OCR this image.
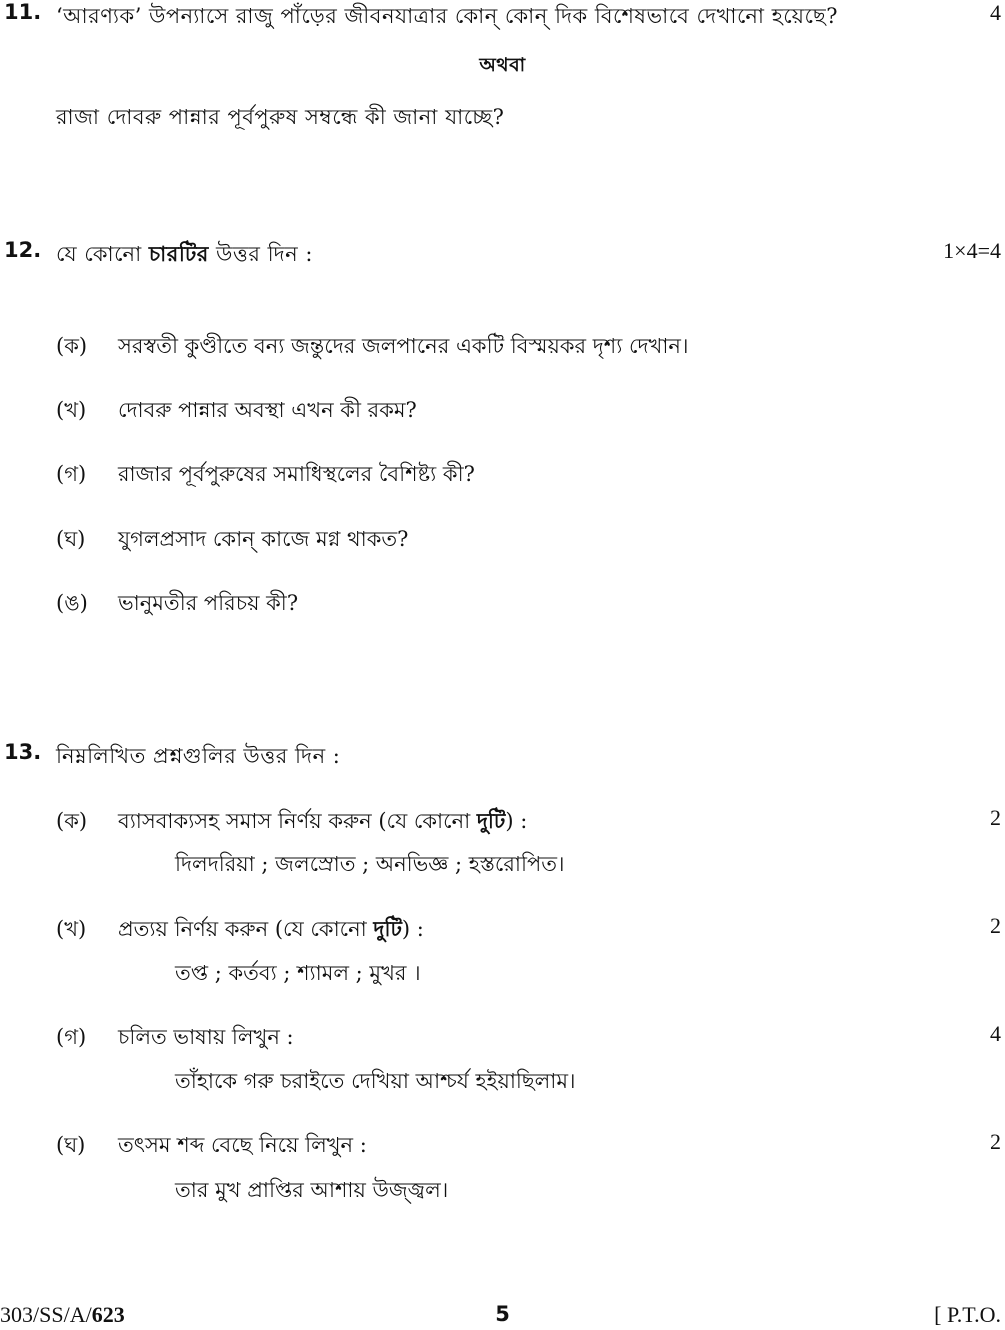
11. ‘আরণ্যক’ উপন্যাসে রাজু পাঁড়ের জীবনযাত্রার কোন্ কোন্ দিক বিশেষভাবে দেখানো হয়েছে?	4
অথবা
রাজা দোবরু পান্নার পূর্বপুরুষ সম্বন্ধে কী জানা যাচ্ছে?
12. যে কোনো চারটির উত্তর দিন :	1×4=4
(ক) সরস্বতী কুণ্ডীতে বন্য জন্তুদের জলপানের একটি বিস্ময়কর দৃশ্য দেখান।
(খ) দোবরু পান্নার অবস্থা এখন কী রকম?
(গ) রাজার পূর্বপুরুষের সমাধিস্থলের বৈশিষ্ট্য কী?
(ঘ) যুগলপ্রসাদ কোন্ কাজে মগ্ন থাকত?
(ঙ) ভানুমতীর পরিচয় কী?
13. নিম্নলিখিত প্রশ্নগুলির উত্তর দিন :
(ক) ব্যাসবাক্যসহ সমাস নির্ণয় করুন (যে কোনো দুটি) :	2
দিলদরিয়া ; জলস্রোত ; অনভিজ্ঞ ; হস্তরোপিত।
(খ) প্রত্যয় নির্ণয় করুন (যে কোনো দুটি) :	2
তপ্ত ; কর্তব্য ; শ্যামল ; মুখর ।
(গ) চলিত ভাষায় লিখুন :	4
তাঁহাকে গরু চরাইতে দেখিয়া আশ্চর্য হইয়াছিলাম।
(ঘ) তৎসম শব্দ বেছে নিয়ে লিখুন :	2
তার মুখ প্রাপ্তির আশায় উজ্জ্বল।
303/SS/A/623	5	[ P.T.O.
